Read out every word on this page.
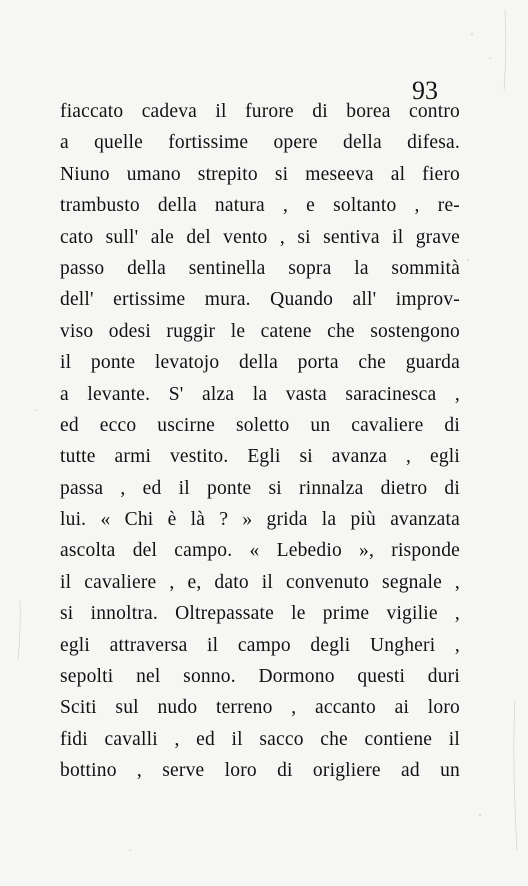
93
fiaccato cadeva il furore di borea contro
a quelle fortissime opere della difesa.
Niuno umano strepito si meseeva al fiero
trambusto della natura , e soltanto , re-
cato sull' ale del vento , si sentiva il grave
passo della sentinella sopra la sommità
dell' ertissime mura. Quando all' improv-
viso odesi ruggir le catene che sostengono
il ponte levatojo della porta che guarda
a levante. S' alza la vasta saracinesca ,
ed ecco uscirne soletto un cavaliere di
tutte armi vestito. Egli si avanza , egli
passa , ed il ponte si rinnalza dietro di
lui. « Chi è là ? » grida la più avanzata
ascolta del campo. « Lebedio », risponde
il cavaliere , e, dato il convenuto segnale ,
si innoltra. Oltrepassate le prime vigilie ,
egli attraversa il campo degli Ungheri ,
sepolti nel sonno. Dormono questi duri
Sciti sul nudo terreno , accanto ai loro
fidi cavalli , ed il sacco che contiene il
bottino , serve loro di origliere ad un
